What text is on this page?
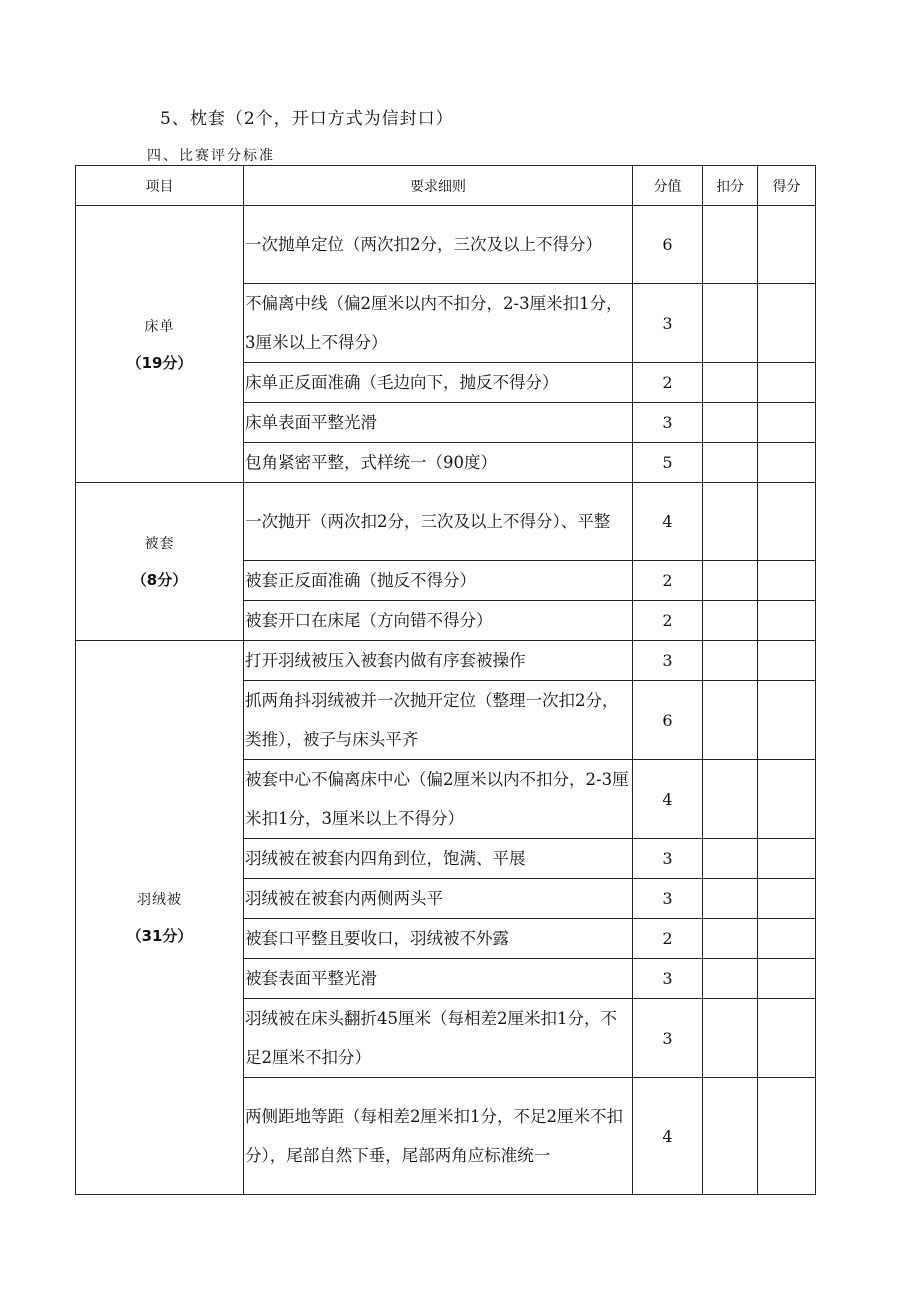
5、枕套（2个，开口方式为信封口）
四、比赛评分标准
项目	要求细则	分值	扣分	得分
床单
（19分）	一次抛单定位（两次扣2分，三次及以上不得分）	6		
	不偏离中线（偏2厘米以内不扣分，2-3厘米扣1分，3厘米以上不得分）	3		
	床单正反面准确（毛边向下，抛反不得分）	2		
	床单表面平整光滑	3		
	包角紧密平整，式样统一（90度）	5		
被套
（8分）	一次抛开（两次扣2分，三次及以上不得分）、平整	4		
	被套正反面准确（抛反不得分）	2		
	被套开口在床尾（方向错不得分）	2		
羽绒被
（31分）	打开羽绒被压入被套内做有序套被操作	3		
	抓两角抖羽绒被并一次抛开定位（整理一次扣2分，类推），被子与床头平齐	6		
	被套中心不偏离床中心（偏2厘米以内不扣分，2-3厘米扣1分，3厘米以上不得分）	4		
	羽绒被在被套内四角到位，饱满、平展	3		
	羽绒被在被套内两侧两头平	3		
	被套口平整且要收口，羽绒被不外露	2		
	被套表面平整光滑	3		
	羽绒被在床头翻折45厘米（每相差2厘米扣1分，不足2厘米不扣分）	3		
	两侧距地等距（每相差2厘米扣1分，不足2厘米不扣分），尾部自然下垂，尾部两角应标准统一	4		
